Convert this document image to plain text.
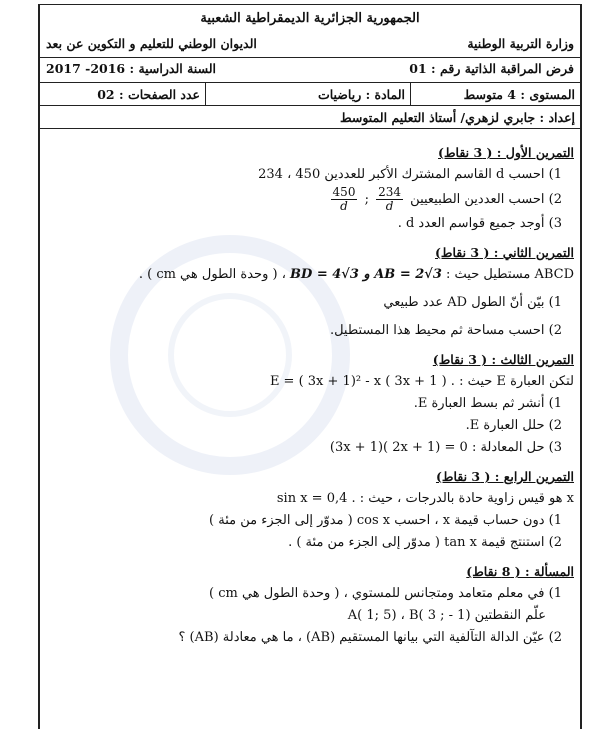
الجمهورية الجزائرية الديمقراطية الشعبية
وزارة التربية الوطنية
الديوان الوطني للتعليم و التكوين عن بعد
فرض المراقبة الذاتية رقم : 01
السنة الدراسية : 2016- 2017
المستوى : 4 متوسط
المادة : رياضيات
عدد الصفحات : 02
إعداد : جابري لزهري/ أستاذ التعليم المتوسط
التمرين الأول : ( 3 نقاط)
1) احسب d القاسم المشترك الأكبر للعددين 450 ، 234
2) احسب العددين الطبيعيين
$\frac{234}{d}$
;
$\frac{450}{d}$
3) أوجد جميع قواسم العدد d .
التمرين الثاني : ( 3 نقاط)
ABCD مستطيل حيث : BD = 4√3 و AB = 2√3 ، ( وحدة الطول هي cm ) .
1) بيّن أنّ الطول AD عدد طبيعي
2) احسب مساحة ثم محيط هذا المستطيل.
التمرين الثالث : ( 3 نقاط)
لتكن العبارة E حيث : E = ( 3x + 1)² - x ( 3x + 1 ) .
1) أنشر ثم بسط العبارة E.
2) حلل العبارة E.
3) حل المعادلة : (3x + 1)( 2x + 1) = 0
التمرين الرابع : ( 3 نقاط)
x هو قيس زاوية حادة بالدرجات ، حيث : sin x = 0,4 .
1) دون حساب قيمة x ، احسب cos x ( مدوّر إلى الجزء من مئة )
2) استنتج قيمة tan x ( مدوّر إلى الجزء من مئة ) .
المسألة : ( 8 نقاط)
1) في معلم متعامد ومتجانس للمستوي ، ( وحدة الطول هي cm )
علّم النقطتين A( 1; 5) ، B( 3 ; - 1)
2) عيّن الدالة التآلفية التي بيانها المستقيم (AB) ، ما هي معادلة (AB) ؟
